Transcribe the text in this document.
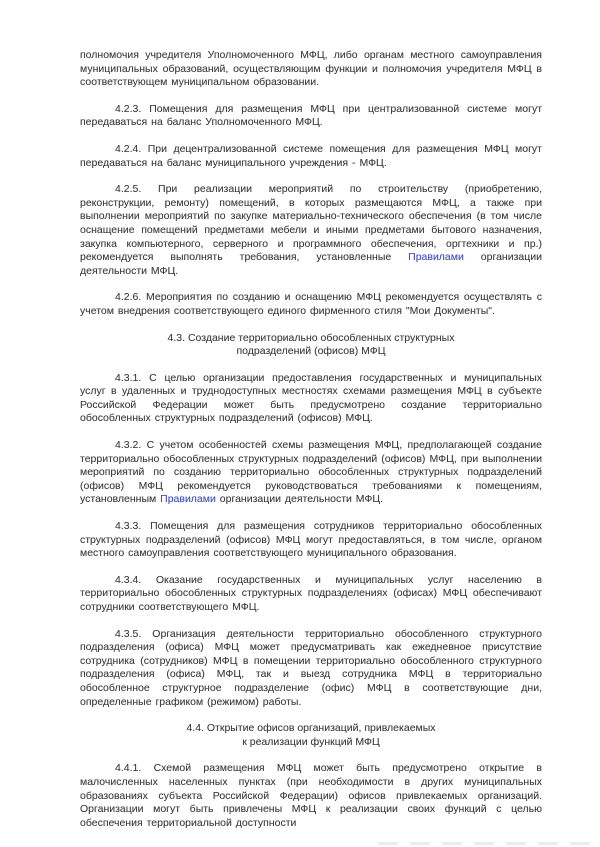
полномочия учредителя Уполномоченного МФЦ, либо органам местного самоуправления муниципальных образований, осуществляющим функции и полномочия учредителя МФЦ в соответствующем муниципальном образовании.

4.2.3. Помещения для размещения МФЦ при централизованной системе могут передаваться на баланс Уполномоченного МФЦ.

4.2.4. При децентрализованной системе помещения для размещения МФЦ могут передаваться на баланс муниципального учреждения - МФЦ.

4.2.5. При реализации мероприятий по строительству (приобретению, реконструкции, ремонту) помещений, в которых размещаются МФЦ, а также при выполнении мероприятий по закупке материально-технического обеспечения (в том числе оснащение помещений предметами мебели и иными предметами бытового назначения, закупка компьютерного, серверного и программного обеспечения, оргтехники и пр.) рекомендуется выполнять требования, установленные Правилами организации деятельности МФЦ.

4.2.6. Мероприятия по созданию и оснащению МФЦ рекомендуется осуществлять с учетом внедрения соответствующего единого фирменного стиля "Мои Документы".

4.3. Создание территориально обособленных структурных
подразделений (офисов) МФЦ

4.3.1. С целью организации предоставления государственных и муниципальных услуг в удаленных и труднодоступных местностях схемами размещения МФЦ в субъекте Российской Федерации может быть предусмотрено создание территориально обособленных структурных подразделений (офисов) МФЦ.

4.3.2. С учетом особенностей схемы размещения МФЦ, предполагающей создание территориально обособленных структурных подразделений (офисов) МФЦ, при выполнении мероприятий по созданию территориально обособленных структурных подразделений (офисов) МФЦ рекомендуется руководствоваться требованиями к помещениям, установленным Правилами организации деятельности МФЦ.

4.3.3. Помещения для размещения сотрудников территориально обособленных структурных подразделений (офисов) МФЦ могут предоставляться, в том числе, органом местного самоуправления соответствующего муниципального образования.

4.3.4. Оказание государственных и муниципальных услуг населению в территориально обособленных структурных подразделениях (офисах) МФЦ обеспечивают сотрудники соответствующего МФЦ.

4.3.5. Организация деятельности территориально обособленного структурного подразделения (офиса) МФЦ может предусматривать как ежедневное присутствие сотрудника (сотрудников) МФЦ в помещении территориально обособленного структурного подразделения (офиса) МФЦ, так и выезд сотрудника МФЦ в территориально обособленное структурное подразделение (офис) МФЦ в соответствующие дни, определенные графиком (режимом) работы.

4.4. Открытие офисов организаций, привлекаемых
к реализации функций МФЦ

4.4.1. Схемой размещения МФЦ может быть предусмотрено открытие в малочисленных населенных пунктах (при необходимости в других муниципальных образованиях субъекта Российской Федерации) офисов привлекаемых организаций. Организации могут быть привлечены МФЦ к реализации своих функций с целью обеспечения территориальной доступности
